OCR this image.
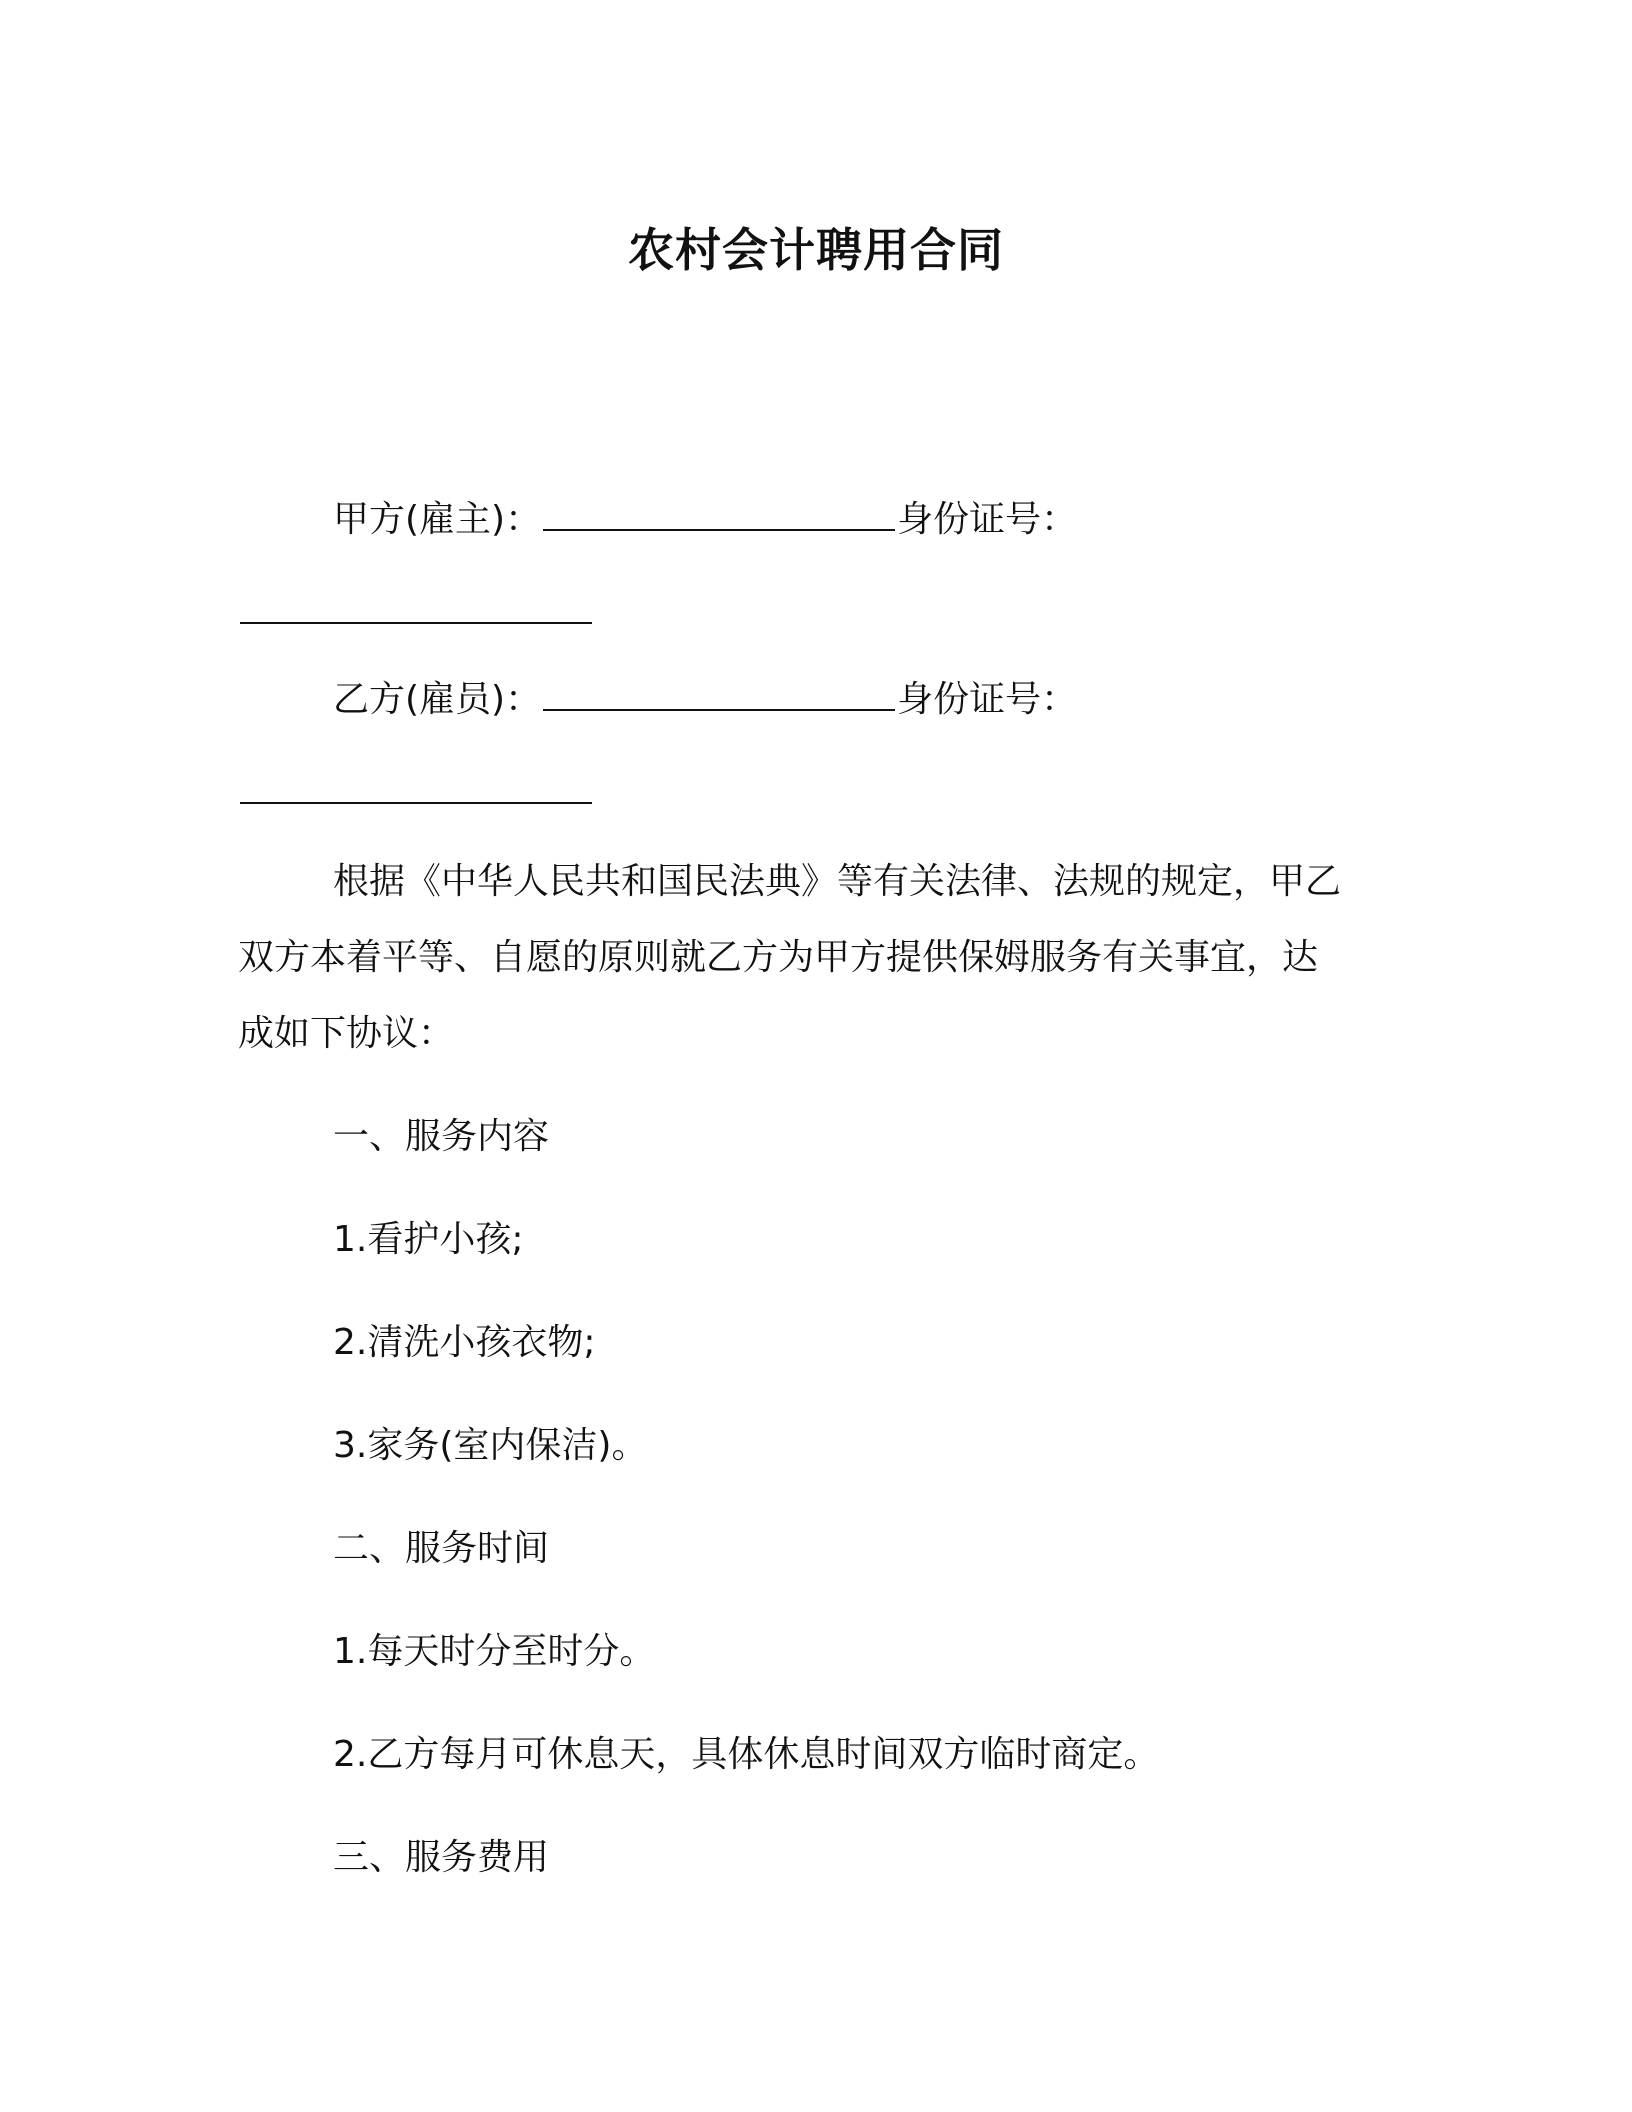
农村会计聘用合同
甲方(雇主)：	身份证号：
乙方(雇员)：	身份证号：
根据《中华人民共和国民法典》等有关法律、法规的规定，甲乙
双方本着平等、自愿的原则就乙方为甲方提供保姆服务有关事宜，达
成如下协议：
一、服务内容
1.看护小孩;
2.清洗小孩衣物;
3.家务(室内保洁)。
二、服务时间
1.每天时分至时分。
2.乙方每月可休息天，具体休息时间双方临时商定。
三、服务费用
